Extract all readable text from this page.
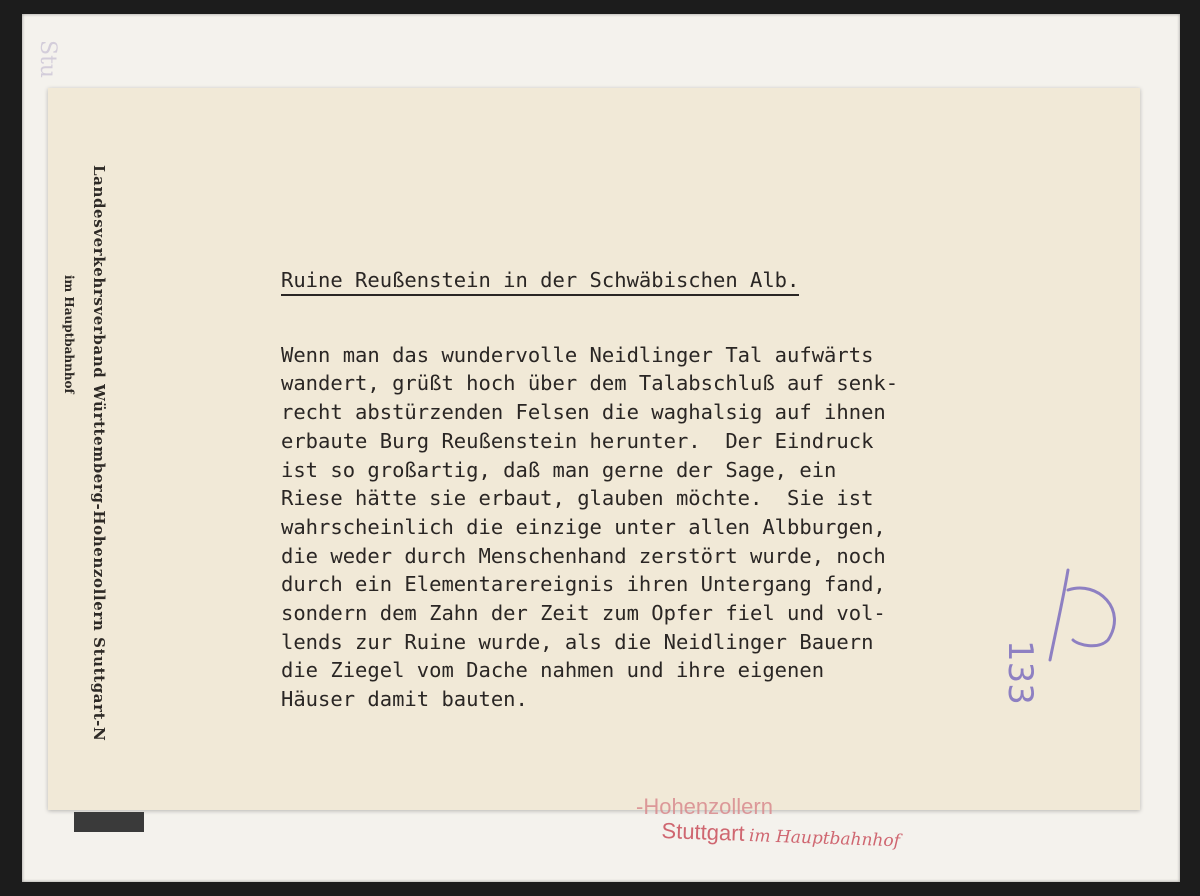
Stu
Landesverkehrsverband Württemberg-Hohenzollern Stuttgart-N
im Hauptbahnhof	Ruine Reußenstein in der Schwäbischen Alb.

Wenn man das wundervolle Neidlinger Tal aufwärts
wandert, grüßt hoch über dem Talabschluß auf senk-
recht abstürzenden Felsen die waghalsig auf ihnen
erbaute Burg Reußenstein herunter.  Der Eindruck
ist so großartig, daß man gerne der Sage, ein
Riese hätte sie erbaut, glauben möchte.  Sie ist
wahrscheinlich die einzige unter allen Albburgen,
die weder durch Menschenhand zerstört wurde, noch
durch ein Elementarereignis ihren Untergang fand,
sondern dem Zahn der Zeit zum Opfer fiel und vol-
lends zur Ruine wurde, als die Neidlinger Bauern
die Ziegel vom Dache nahmen und ihre eigenen
Häuser damit bauten.	133
-Hohenzollern
Stuttgart im Hauptbahnhof
